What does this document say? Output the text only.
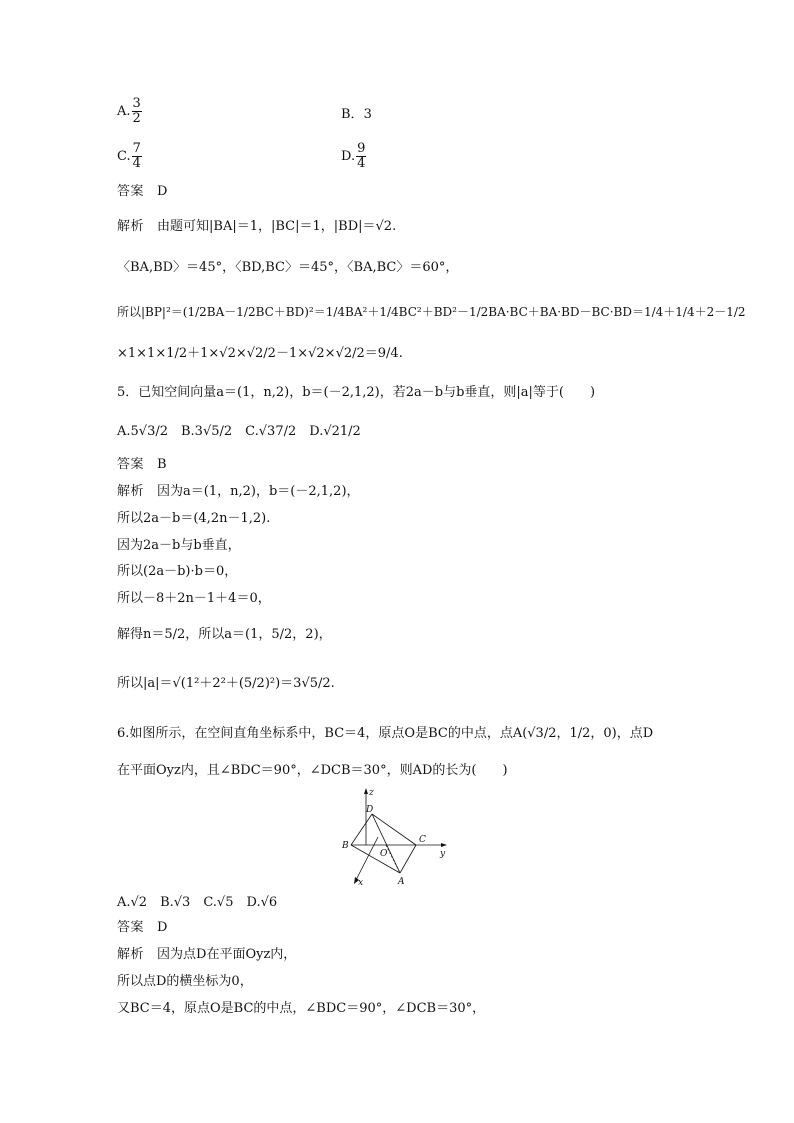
A. $\frac{3}{2}$	B．3
C. $\frac{7}{4}$	D. $\frac{9}{4}$
答案　 D
解析　 由题可知|BA|＝1，|BC|＝1，|BD|＝√2.
〈BA,BD〉＝45°，〈BD,BC〉＝45°，〈BA,BC〉＝60°，
所以|BP|²＝(1/2BA－1/2BC＋BD)²＝1/4BA²＋1/4BC²＋BD²－1/2BA·BC＋BA·BD－BC·BD＝1/4＋1/4＋2－1/2
×1×1×1/2＋1×√2×√2/2－1×√2×√2/2＝9/4.
5．已知空间向量a＝(1，n,2)，b＝(－2,1,2)，若2a－b与b垂直，则|a|等于(　　)
A.5√3/2　B.3√5/2　C.√37/2　D.√21/2
答案　 B
解析　 因为a＝(1，n,2)，b＝(－2,1,2)，
所以2a－b＝(4,2n－1,2).
因为2a－b与b垂直，
所以(2a－b)·b＝0，
所以－8＋2n－1＋4＝0，
解得n＝5/2，所以a＝(1，5/2，2)，
所以|a|＝√(1²＋2²＋(5/2)²)＝3√5/2.
6.如图所示，在空间直角坐标系中，BC＝4，原点O是BC的中点，点A(√3/2，1/2，0)，点D
在平面Oyz内，且∠BDC＝90°，∠DCB＝30°，则AD的长为(　　)
z
y
x
B
C
D
O
A
A.√2　B.√3　C.√5　D.√6
答案　 D
解析　 因为点D在平面Oyz内，
所以点D的横坐标为0，
又BC＝4，原点O是BC的中点，∠BDC＝90°，∠DCB＝30°，
